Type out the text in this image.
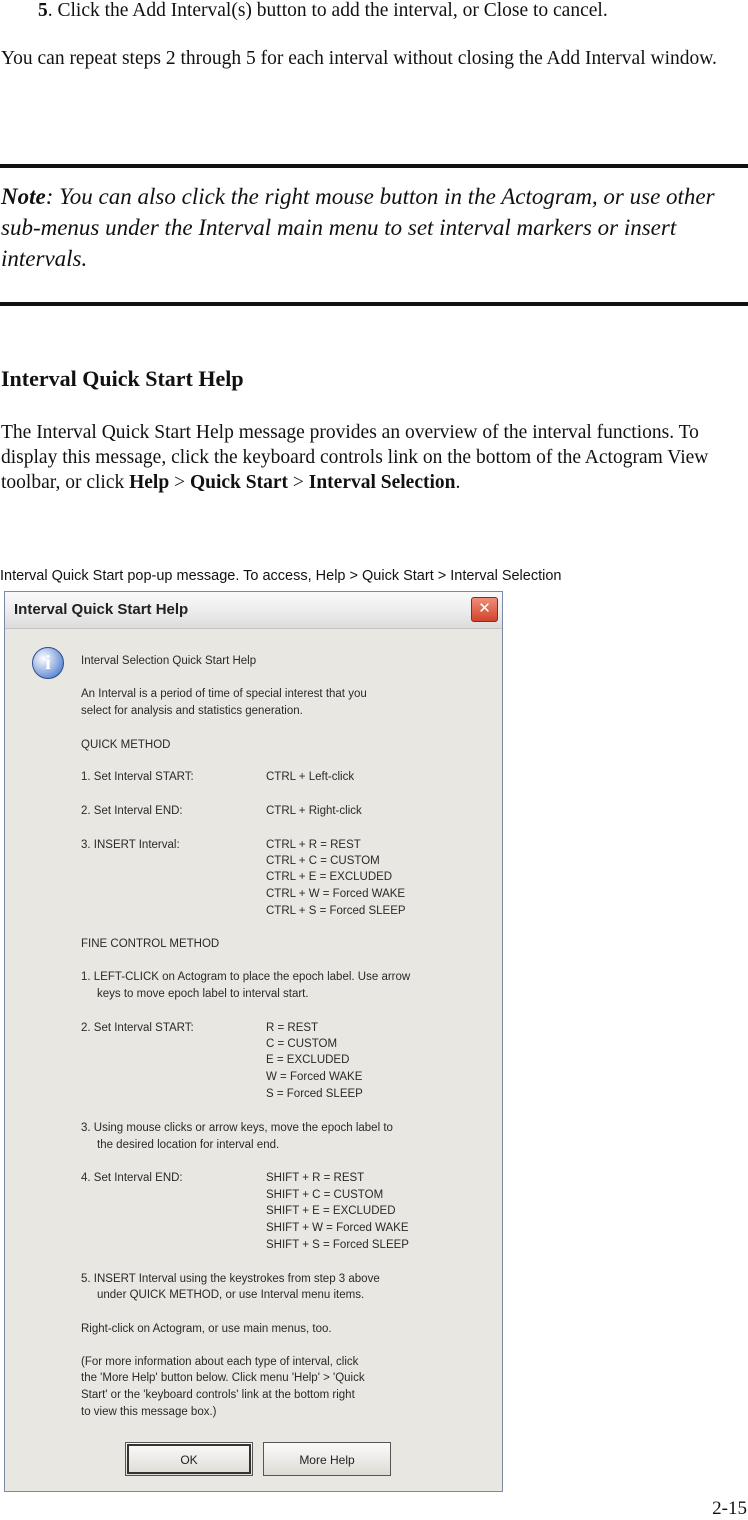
5. Click the Add Interval(s) button to add the interval, or Close to cancel.
You can repeat steps 2 through 5 for each interval without closing the Add Interval window.
Note: You can also click the right mouse button in the Actogram, or use other sub-menus under the Interval main menu to set interval markers or insert intervals.
Interval Quick Start Help
The Interval Quick Start Help message provides an overview of the interval functions. To display this message, click the keyboard controls link on the bottom of the Actogram View toolbar, or click Help > Quick Start > Interval Selection.
Interval Quick Start pop-up message. To access, Help > Quick Start > Interval Selection
Interval Quick Start Help	✕
i	Interval Selection Quick Start Help
An Interval is a period of time of special interest that you
select for analysis and statistics generation.
QUICK METHOD
1. Set Interval START:	CTRL + Left-click
2. Set Interval END:	CTRL + Right-click
3. INSERT Interval:	CTRL + R = REST
CTRL + C = CUSTOM
CTRL + E = EXCLUDED
CTRL + W = Forced WAKE
CTRL + S = Forced SLEEP
FINE CONTROL METHOD
1. LEFT-CLICK on Actogram to place the epoch label. Use arrow
keys to move epoch label to interval start.
2. Set Interval START:	R = REST
C = CUSTOM
E = EXCLUDED
W = Forced WAKE
S = Forced SLEEP
3. Using mouse clicks or arrow keys, move the epoch label to
the desired location for interval end.
4. Set Interval END:	SHIFT + R = REST
SHIFT + C = CUSTOM
SHIFT + E = EXCLUDED
SHIFT + W = Forced WAKE
SHIFT + S = Forced SLEEP
5. INSERT Interval using the keystrokes from step 3 above
under QUICK METHOD, or use Interval menu items.
Right-click on Actogram, or use main menus, too.
(For more information about each type of interval, click
the 'More Help' button below. Click menu 'Help' > 'Quick
Start' or the 'keyboard controls' link at the bottom right
to view this message box.)
OK	More Help
2-15
